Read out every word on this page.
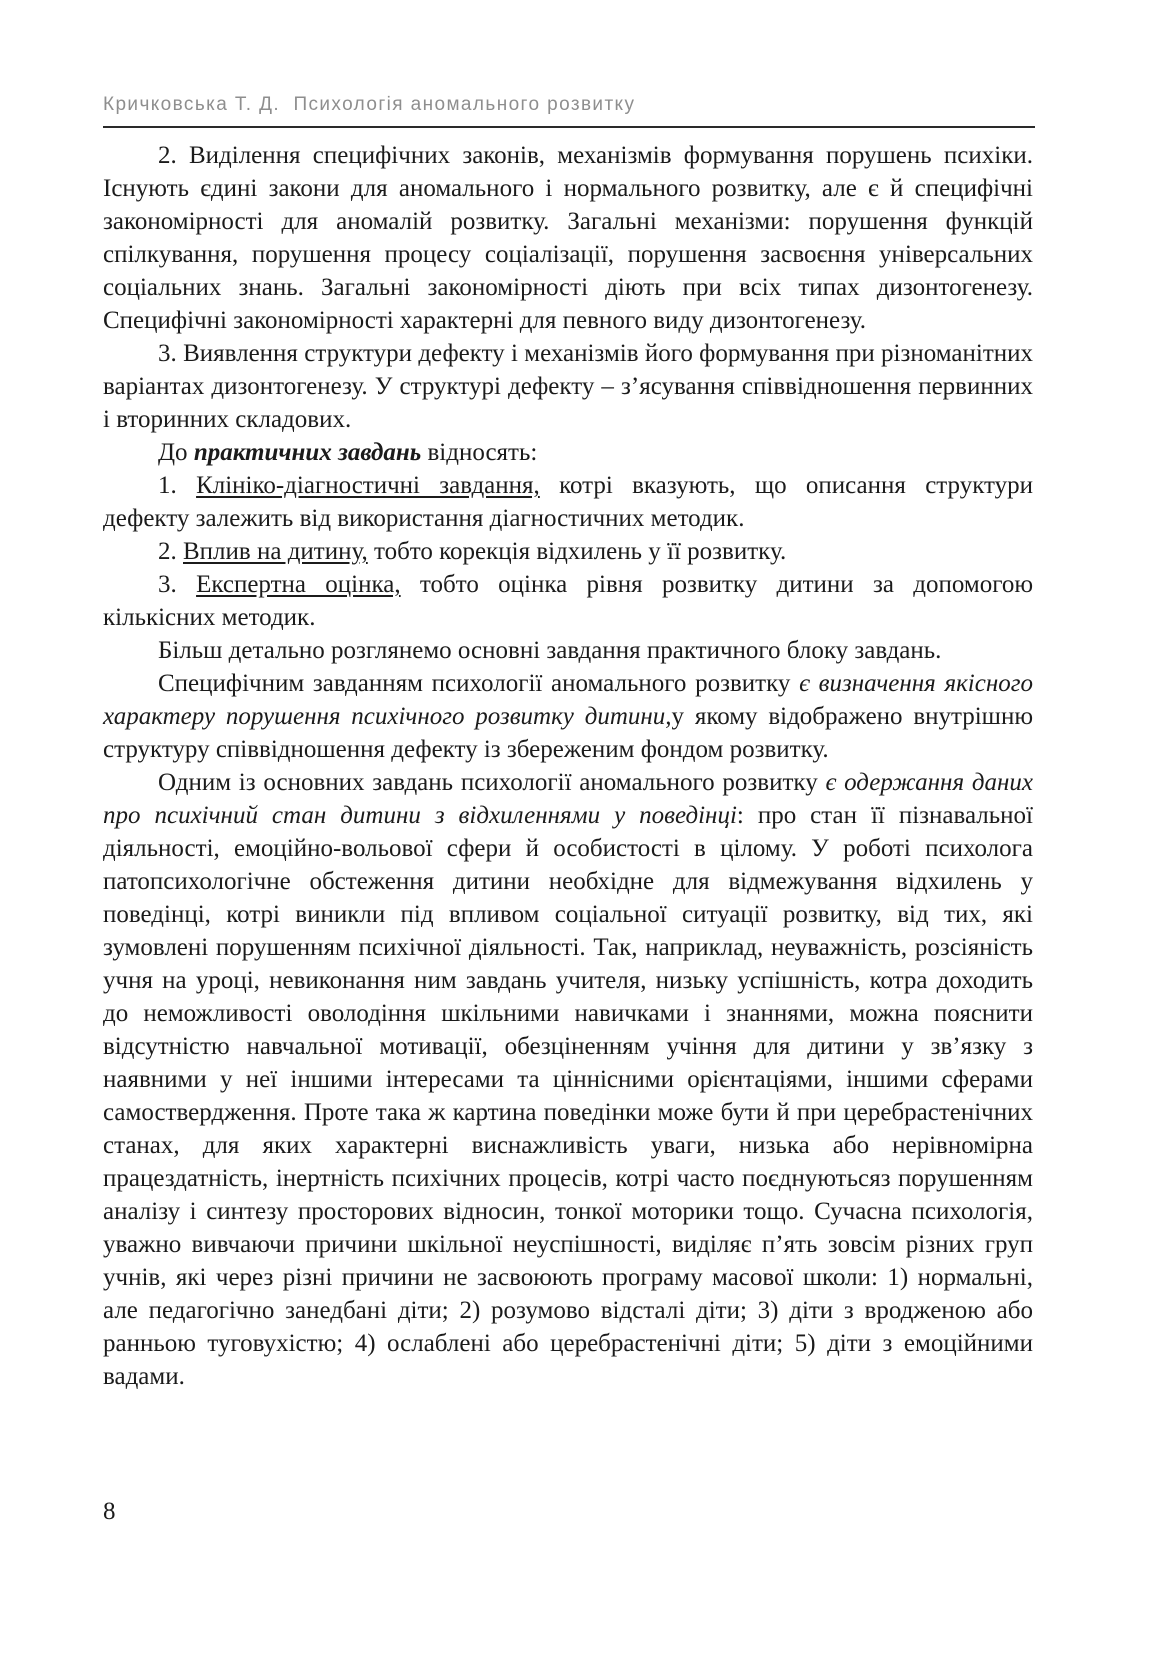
Кричковська Т. Д.  Психологія аномального розвитку

2. Виділення специфічних законів, механізмів формування порушень психіки. Існують єдині закони для аномального і нормального розвитку, але є й специфічні закономірності для аномалій розвитку. Загальні механізми: порушення функцій спілкування, порушення процесу соціалізації, порушення засвоєння універсальних соціальних знань. Загальні закономірності діють при всіх типах дизонтогенезу. Специфічні закономірності характерні для певного виду дизонтогенезу.

3. Виявлення структури дефекту і механізмів його формування при різноманітних варіантах дизонтогенезу. У структурі дефекту – з’ясування співвідношення первинних і вторинних складових.

До практичних завдань відносять:

1. Клініко-діагностичні завдання, котрі вказують, що описання структури дефекту залежить від використання діагностичних методик.

2. Вплив на дитину, тобто корекція відхилень у її розвитку.

3. Експертна оцінка, тобто оцінка рівня розвитку дитини за допомогою кількісних методик.

Більш детально розглянемо основні завдання практичного блоку завдань.

Специфічним завданням психології аномального розвитку є визначення якісного характеру порушення психічного розвитку дитини,у якому відображено внутрішню структуру співвідношення дефекту із збереженим фондом розвитку.

Одним із основних завдань психології аномального розвитку є одержання даних про психічний стан дитини з відхиленнями у поведінці: про стан її пізнавальної діяльності, емоційно-вольової сфери й особистості в цілому. У роботі психолога патопсихологічне обстеження дитини необхідне для відмежування відхилень у поведінці, котрі виникли під впливом соціальної ситуації розвитку, від тих, які зумовлені порушенням психічної діяльності. Так, наприклад, неуважність, розсіяність учня на уроці, невиконання ним завдань учителя, низьку успішність, котра доходить до неможливості оволодіння шкільними навичками і знаннями, можна пояснити відсутністю навчальної мотивації, обезціненням учіння для дитини у зв’язку з наявними у неї іншими інтересами та ціннісними орієнтаціями, іншими сферами самоствердження. Проте така ж картина поведінки може бути й при церебрастенічних станах, для яких характерні виснажливість уваги, низька або нерівномірна працездатність, інертність психічних процесів, котрі часто поєднуютьсяз порушенням аналізу і синтезу просторових відносин, тонкої моторики тощо. Сучасна психологія, уважно вивчаючи причини шкільної неуспішності, виділяє п’ять зовсім різних груп учнів, які через різні причини не засвоюють програму масової школи: 1) нормальні, але педагогічно занедбані діти; 2) розумово відсталі діти; 3) діти з вродженою або ранньою туговухістю; 4) ослаблені або церебрастенічні діти; 5) діти з емоційними вадами.

8
